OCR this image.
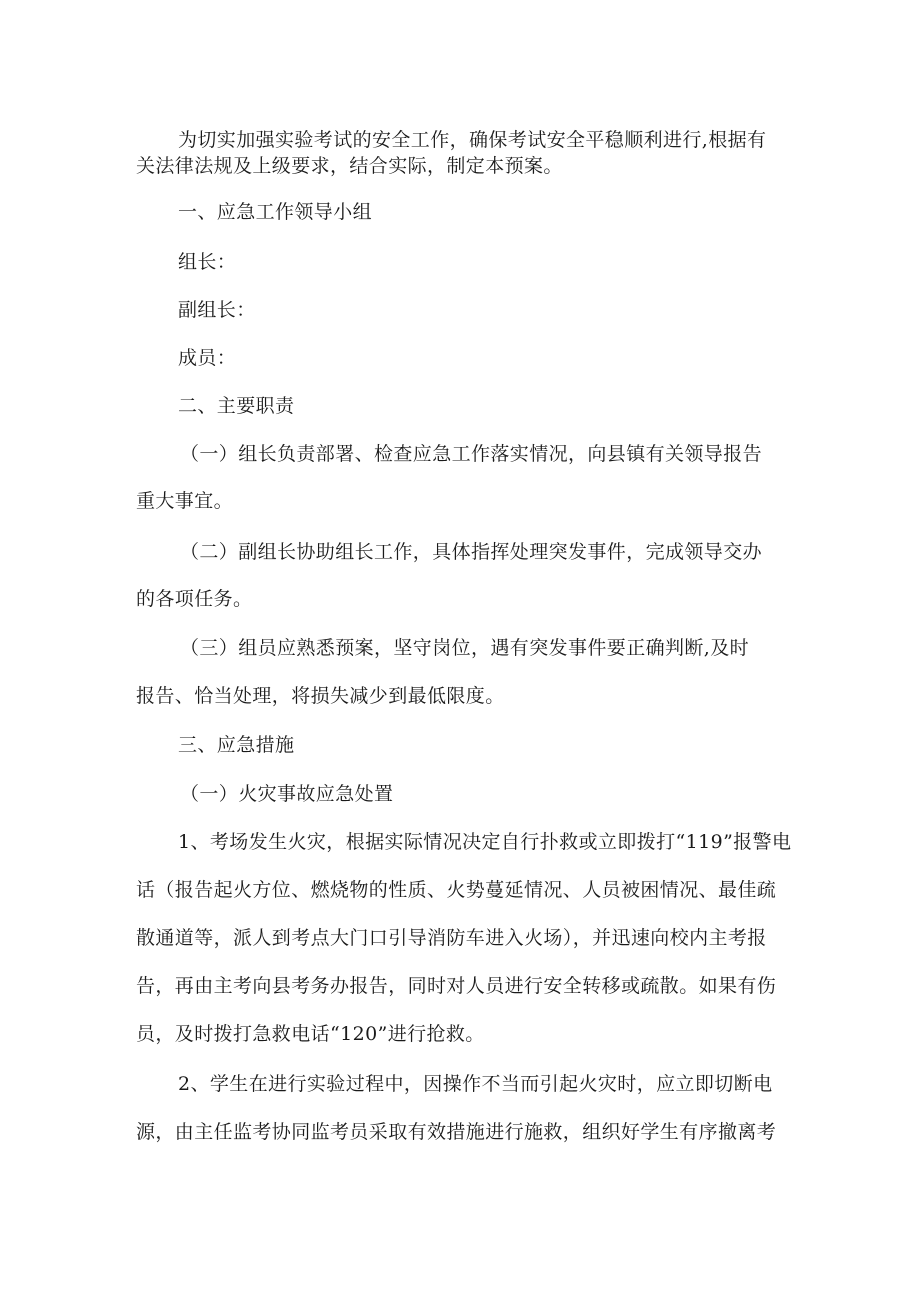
为切实加强实验考试的安全工作，确保考试安全平稳顺利进行,根据有
关法律法规及上级要求，结合实际，制定本预案。
一、应急工作领导小组
组长：
副组长：
成员：
二、主要职责
（一）组长负责部署、检查应急工作落实情况，向县镇有关领导报告
重大事宜。
（二）副组长协助组长工作，具体指挥处理突发事件，完成领导交办
的各项任务。
（三）组员应熟悉预案，坚守岗位，遇有突发事件要正确判断,及时
报告、恰当处理，将损失减少到最低限度。
三、应急措施
（一）火灾事故应急处置
1、考场发生火灾，根据实际情况决定自行扑救或立即拨打“119”报警电
话（报告起火方位、燃烧物的性质、火势蔓延情况、人员被困情况、最佳疏
散通道等，派人到考点大门口引导消防车进入火场），并迅速向校内主考报
告，再由主考向县考务办报告，同时对人员进行安全转移或疏散。如果有伤
员，及时拨打急救电话“120”进行抢救。
2、学生在进行实验过程中，因操作不当而引起火灾时，应立即切断电
源，由主任监考协同监考员采取有效措施进行施救，组织好学生有序撤离考
